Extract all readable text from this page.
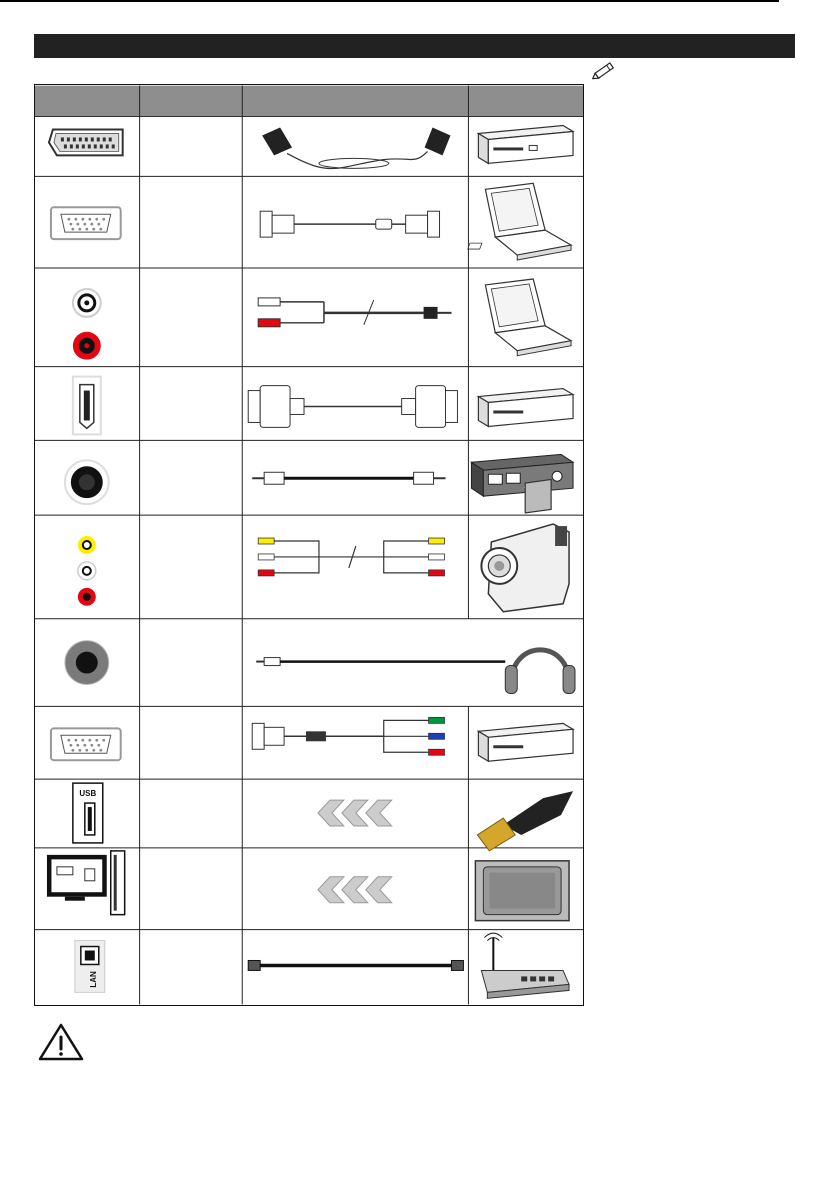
USB
LAN
